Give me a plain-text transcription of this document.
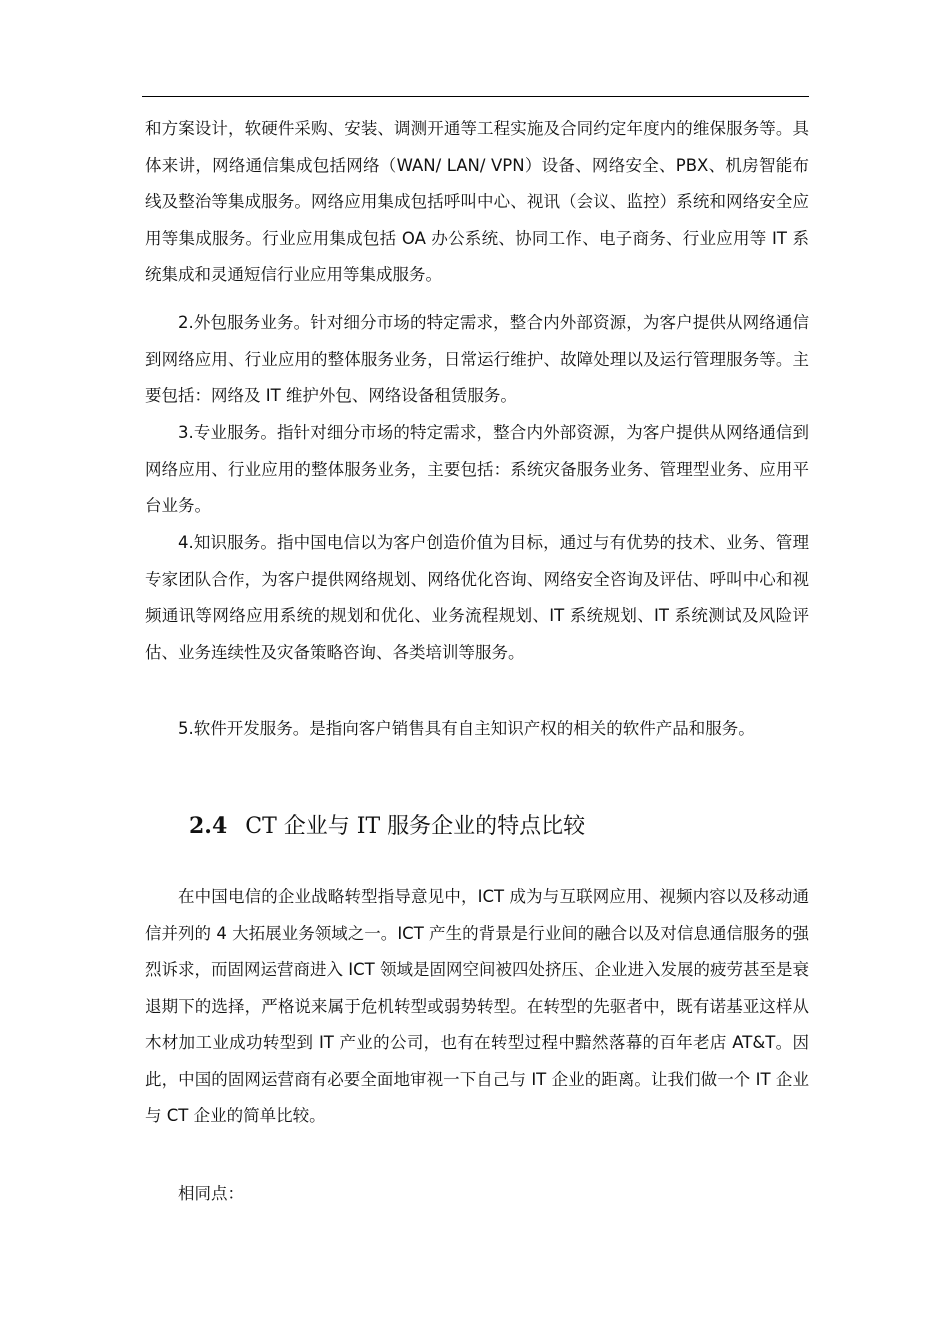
和方案设计，软硬件采购、安装、调测开通等工程实施及合同约定年度内的维保服务等。具体来讲，网络通信集成包括网络（WAN/ LAN/ VPN）设备、网络安全、PBX、机房智能布线及整治等集成服务。网络应用集成包括呼叫中心、视讯（会议、监控）系统和网络安全应用等集成服务。行业应用集成包括 OA 办公系统、协同工作、电子商务、行业应用等 IT 系统集成和灵通短信行业应用等集成服务。

2.外包服务业务。针对细分市场的特定需求，整合内外部资源，为客户提供从网络通信到网络应用、行业应用的整体服务业务，日常运行维护、故障处理以及运行管理服务等。主要包括：网络及 IT 维护外包、网络设备租赁服务。

3.专业服务。指针对细分市场的特定需求，整合内外部资源，为客户提供从网络通信到网络应用、行业应用的整体服务业务，主要包括：系统灾备服务业务、管理型业务、应用平台业务。

4.知识服务。指中国电信以为客户创造价值为目标，通过与有优势的技术、业务、管理专家团队合作，为客户提供网络规划、网络优化咨询、网络安全咨询及评估、呼叫中心和视频通讯等网络应用系统的规划和优化、业务流程规划、IT 系统规划、IT 系统测试及风险评估、业务连续性及灾备策略咨询、各类培训等服务。

5.软件开发服务。是指向客户销售具有自主知识产权的相关的软件产品和服务。

2.4 CT 企业与 IT 服务企业的特点比较

在中国电信的企业战略转型指导意见中，ICT 成为与互联网应用、视频内容以及移动通信并列的 4 大拓展业务领域之一。ICT 产生的背景是行业间的融合以及对信息通信服务的强烈诉求，而固网运营商进入 ICT 领域是固网空间被四处挤压、企业进入发展的疲劳甚至是衰退期下的选择，严格说来属于危机转型或弱势转型。在转型的先驱者中，既有诺基亚这样从木材加工业成功转型到 IT 产业的公司，也有在转型过程中黯然落幕的百年老店 AT&T。因此，中国的固网运营商有必要全面地审视一下自己与 IT 企业的距离。让我们做一个 IT 企业与 CT 企业的简单比较。

相同点：
